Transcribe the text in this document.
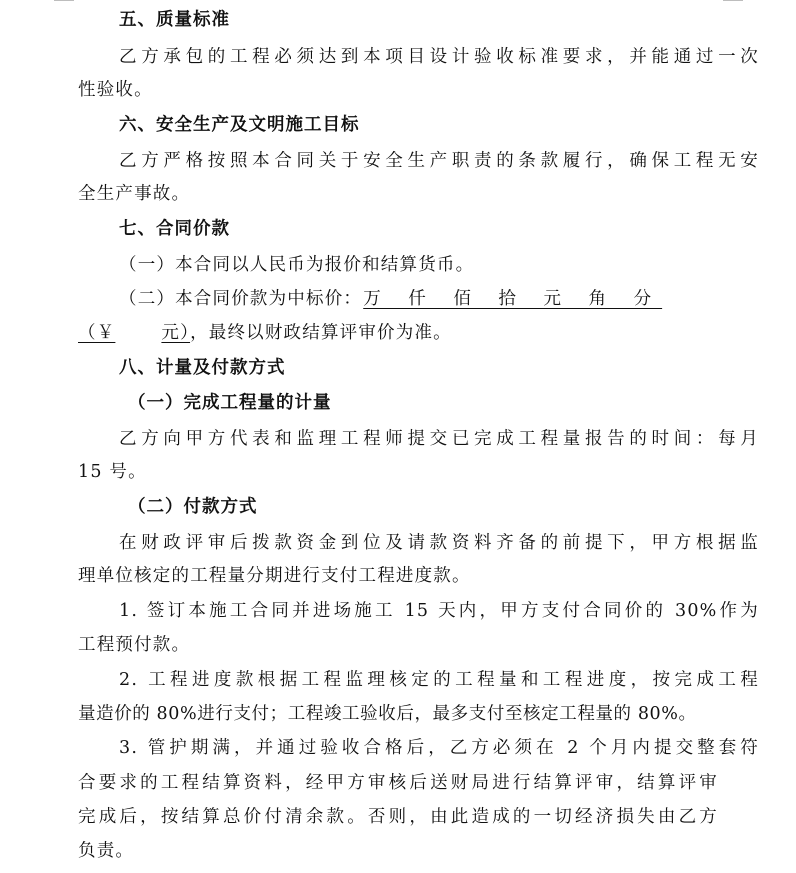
五、质量标准
乙方承包的工程必须达到本项目设计验收标准要求，并能通过一次
性验收。
六、安全生产及文明施工目标
乙方严格按照本合同关于安全生产职责的条款履行，确保工程无安
全生产事故。
七、合同价款
（一）本合同以人民币为报价和结算货币。
（二）本合同价款为中标价：万 仟 佰 拾 元 角 分
（￥	元），最终以财政结算评审价为准。
八、计量及付款方式
（一）完成工程量的计量
乙方向甲方代表和监理工程师提交已完成工程量报告的时间：每月
15 号。
（二）付款方式
在财政评审后拨款资金到位及请款资料齐备的前提下，甲方根据监
理单位核定的工程量分期进行支付工程进度款。
1. 签订本施工合同并进场施工 15 天内，甲方支付合同价的 30%作为
工程预付款。
2. 工程进度款根据工程监理核定的工程量和工程进度，按完成工程
量造价的 80%进行支付；工程竣工验收后，最多支付至核定工程量的 80%。
3. 管护期满，并通过验收合格后，乙方必须在 2 个月内提交整套符
合要求的工程结算资料，经甲方审核后送财局进行结算评审，结算评审
完成后，按结算总价付清余款。否则，由此造成的一切经济损失由乙方
负责。
